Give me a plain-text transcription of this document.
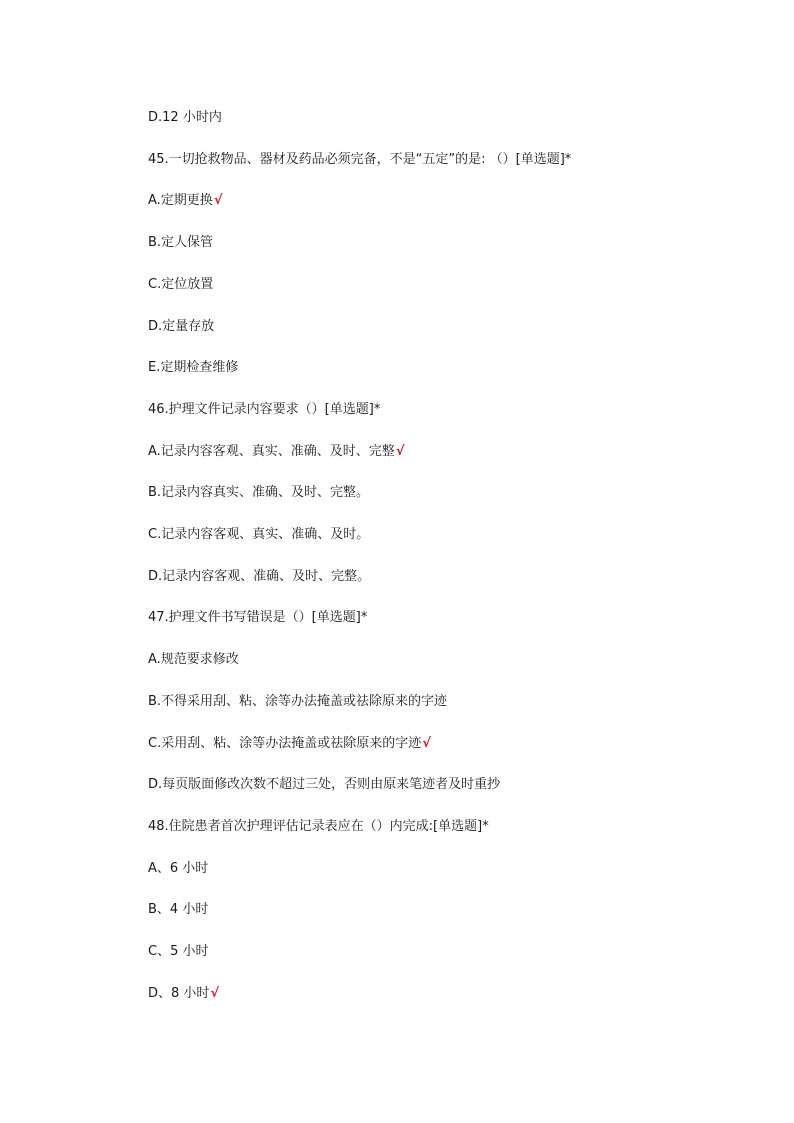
D.12 小时内
45.一切抢救物品、器材及药品必须完备，不是“五定”的是: （）[单选题]*
A.定期更换√
B.定人保管
C.定位放置
D.定量存放
E.定期检查维修
46.护理文件记录内容要求（）[单选题]*
A.记录内容客观、真实、准确、及时、完整√
B.记录内容真实、准确、及时、完整。
C.记录内容客观、真实、准确、及时。
D.记录内容客观、准确、及时、完整。
47.护理文件书写错误是（）[单选题]*
A.规范要求修改
B.不得采用刮、粘、涂等办法掩盖或祛除原来的字迹
C.采用刮、粘、涂等办法掩盖或祛除原来的字迹√
D.每页版面修改次数不超过三处，否则由原来笔迹者及时重抄
48.住院患者首次护理评估记录表应在（）内完成:[单选题]*
A、6 小时
B、4 小时
C、5 小时
D、8 小时√
